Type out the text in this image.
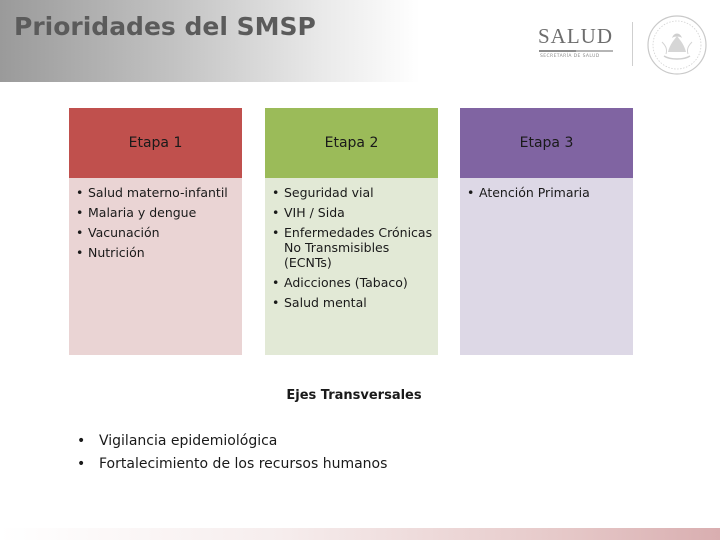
Prioridades del SMSP	SALUD
SECRETARÍA DE SALUD
Etapa 1
• Salud materno-infantil
• Malaria y dengue
• Vacunación
• Nutrición
Etapa 2
• Seguridad vial
• VIH / Sida
• Enfermedades Crónicas No Transmisibles (ECNTs)
• Adicciones (Tabaco)
• Salud mental
Etapa 3
• Atención Primaria
Ejes Transversales
• Vigilancia epidemiológica
• Fortalecimiento de los recursos humanos
